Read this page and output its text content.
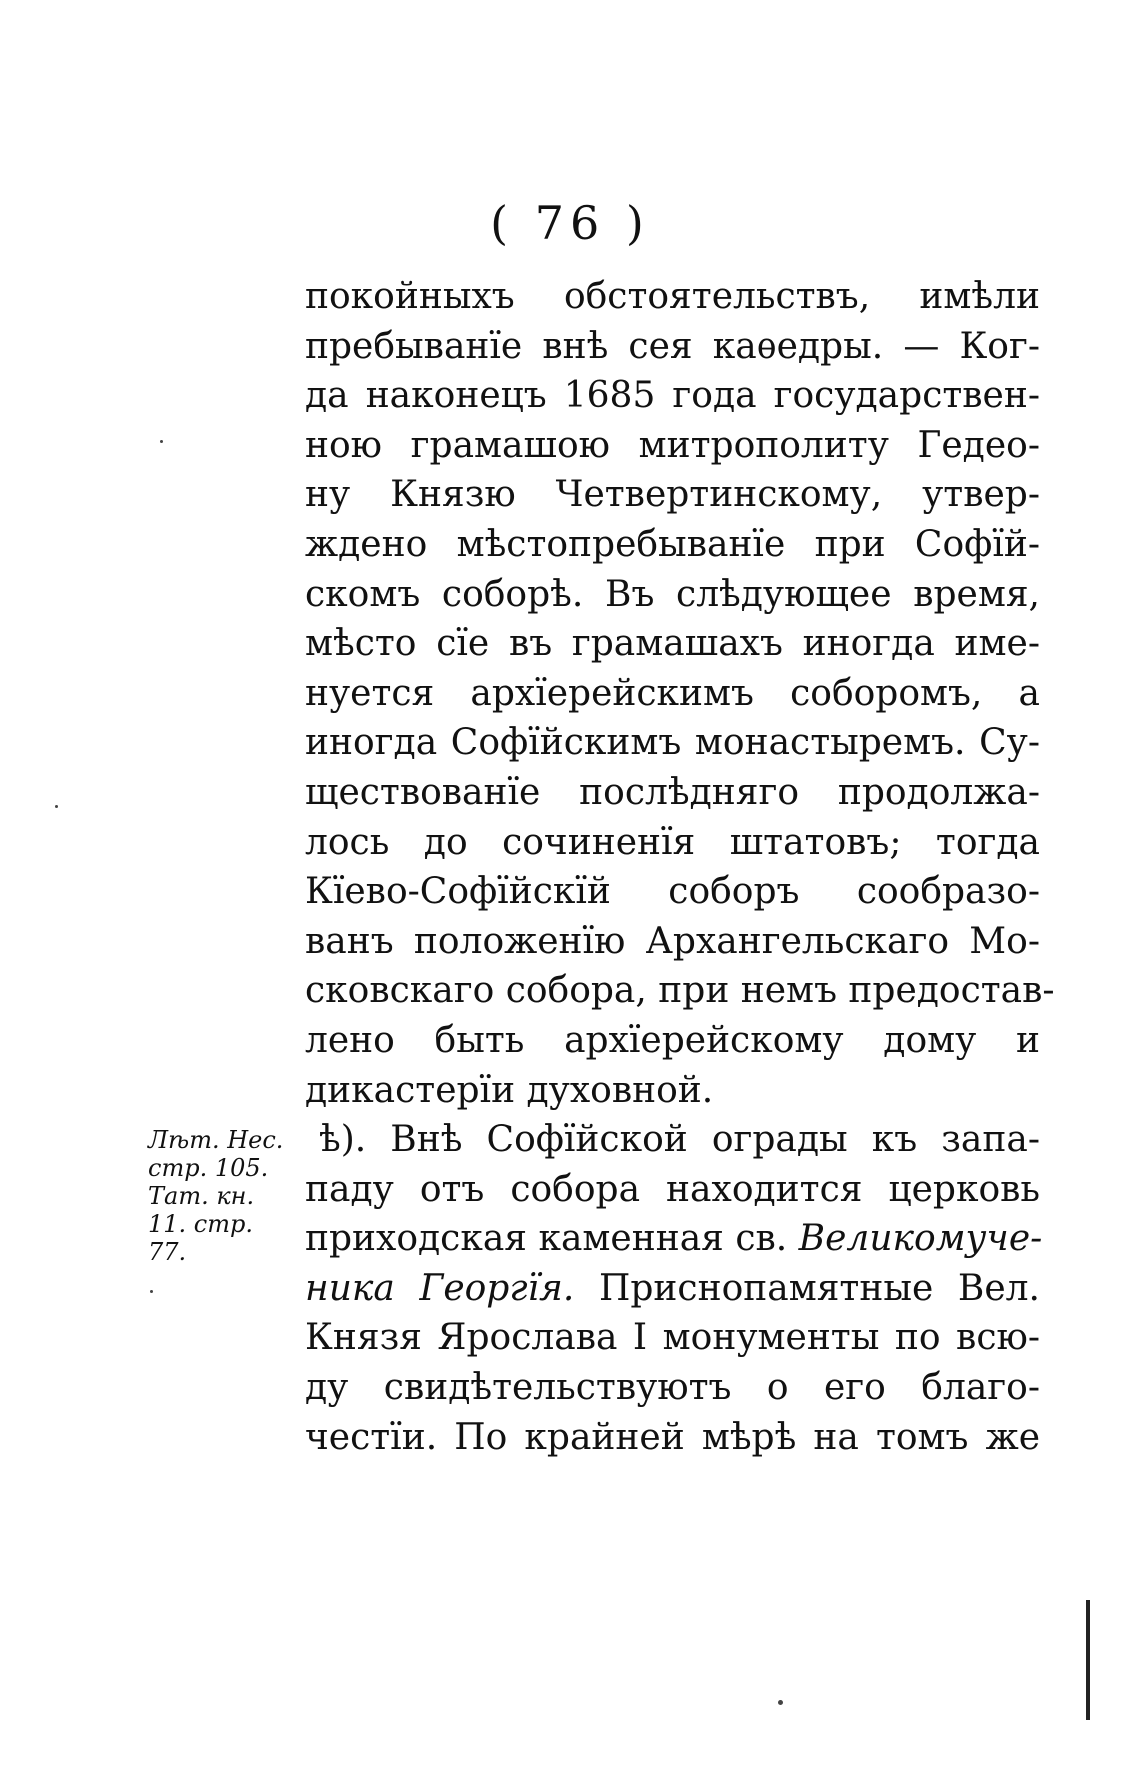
( 76 )
покойныхъ обстоятельствъ, имѣли
пребыванїе внѣ сея каѳедры. — Ког-
да наконецъ 1685 года государствен-
ною грамашою митрополиту Гедео-
ну Князю Четвертинскому, утвер-
ждено мѣстопребыванїе при Софїй-
скомъ соборѣ. Въ слѣдующее время,
мѣсто сїе въ грамашахъ иногда име-
нуется архїерейскимъ соборомъ, а
иногда Софїйскимъ монастыремъ. Су-
ществованїе послѣдняго продолжа-
лось до сочиненїя штатовъ; тогда
Кїево-Софїйскїй соборъ сообразо-
ванъ положенїю Архангельскаго Мо-
сковскаго собора, при немъ предостав-
лено быть архїерейскому дому и
дикастерїи духовной.
ѣ). Внѣ Софїйской ограды къ запа-
паду отъ собора находится церковь
приходская каменная св. Великомуче-
ника Георгїя. Приснопамятные Вел.
Князя Ярослава I монументы по всю-
ду свидѣтельствуютъ о его благо-
честїи. По крайней мѣрѣ на томъ же
Лѣт. Нес.
стр. 105.
Тат. кн.
11. стр.
77.
